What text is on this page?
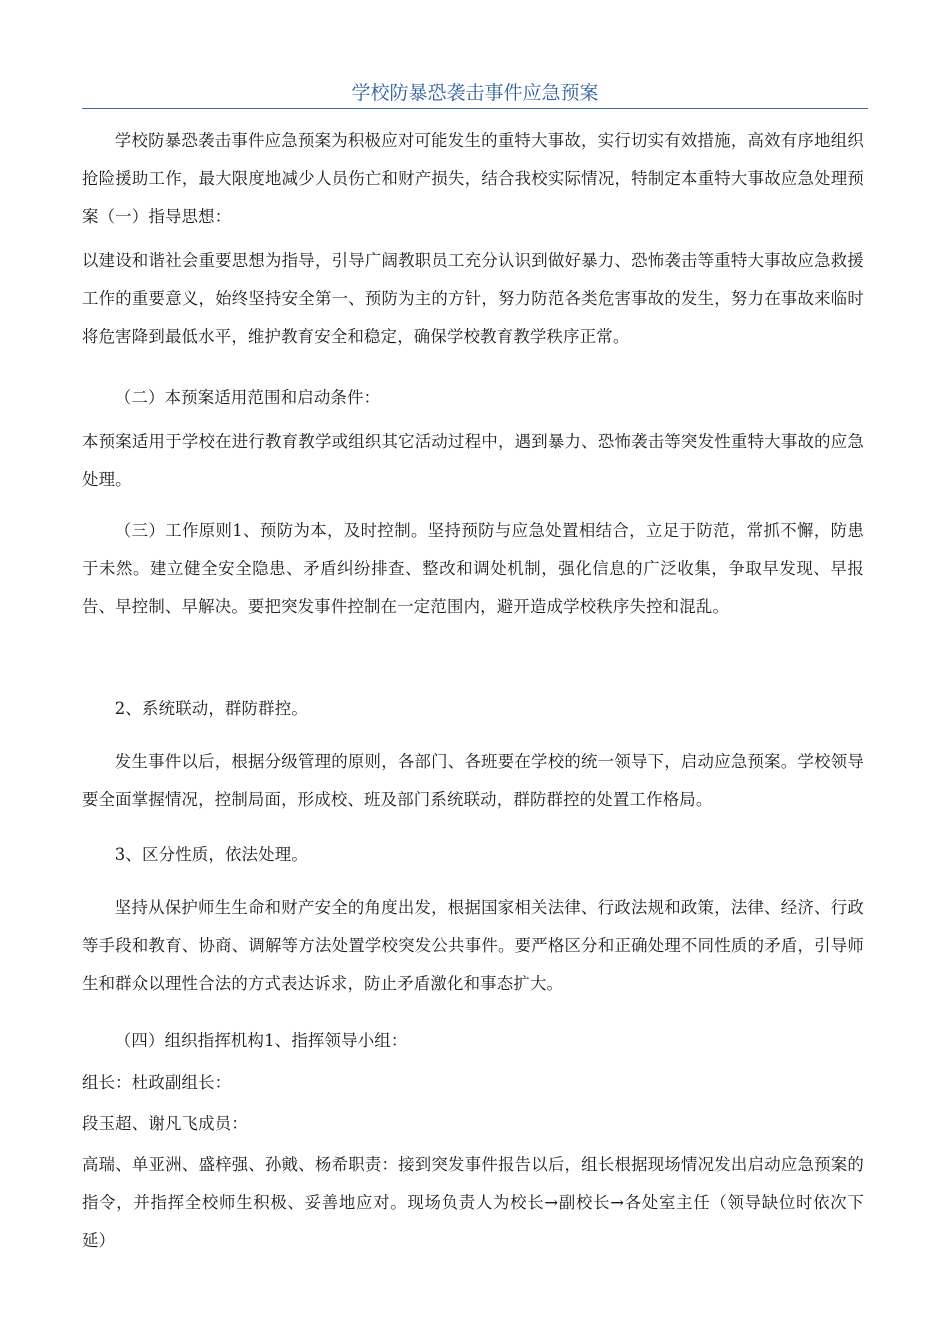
学校防暴恐袭击事件应急预案

学校防暴恐袭击事件应急预案为积极应对可能发生的重特大事故，实行切实有效措施，高效有序地组织抢险援助工作，最大限度地减少人员伤亡和财产损失，结合我校实际情况，特制定本重特大事故应急处理预案（一）指导思想：

以建设和谐社会重要思想为指导，引导广阔教职员工充分认识到做好暴力、恐怖袭击等重特大事故应急救援工作的重要意义，始终坚持安全第一、预防为主的方针，努力防范各类危害事故的发生，努力在事故来临时将危害降到最低水平，维护教育安全和稳定，确保学校教育教学秩序正常。

（二）本预案适用范围和启动条件：

本预案适用于学校在进行教育教学或组织其它活动过程中，遇到暴力、恐怖袭击等突发性重特大事故的应急处理。

（三）工作原则1、预防为本，及时控制。坚持预防与应急处置相结合，立足于防范，常抓不懈，防患于未然。建立健全安全隐患、矛盾纠纷排查、整改和调处机制，强化信息的广泛收集，争取早发现、早报告、早控制、早解决。要把突发事件控制在一定范围内，避开造成学校秩序失控和混乱。

2、系统联动，群防群控。

发生事件以后，根据分级管理的原则，各部门、各班要在学校的统一领导下，启动应急预案。学校领导要全面掌握情况，控制局面，形成校、班及部门系统联动，群防群控的处置工作格局。

3、区分性质，依法处理。

坚持从保护师生生命和财产安全的角度出发，根据国家相关法律、行政法规和政策，法律、经济、行政等手段和教育、协商、调解等方法处置学校突发公共事件。要严格区分和正确处理不同性质的矛盾，引导师生和群众以理性合法的方式表达诉求，防止矛盾激化和事态扩大。

（四）组织指挥机构1、指挥领导小组：

组长：杜政副组长：

段玉超、谢凡飞成员：

高瑞、单亚洲、盛梓强、孙戭、杨希职责：接到突发事件报告以后，组长根据现场情况发出启动应急预案的指令，并指挥全校师生积极、妥善地应对。现场负责人为校长→副校长→各处室主任（领导缺位时依次下延）
